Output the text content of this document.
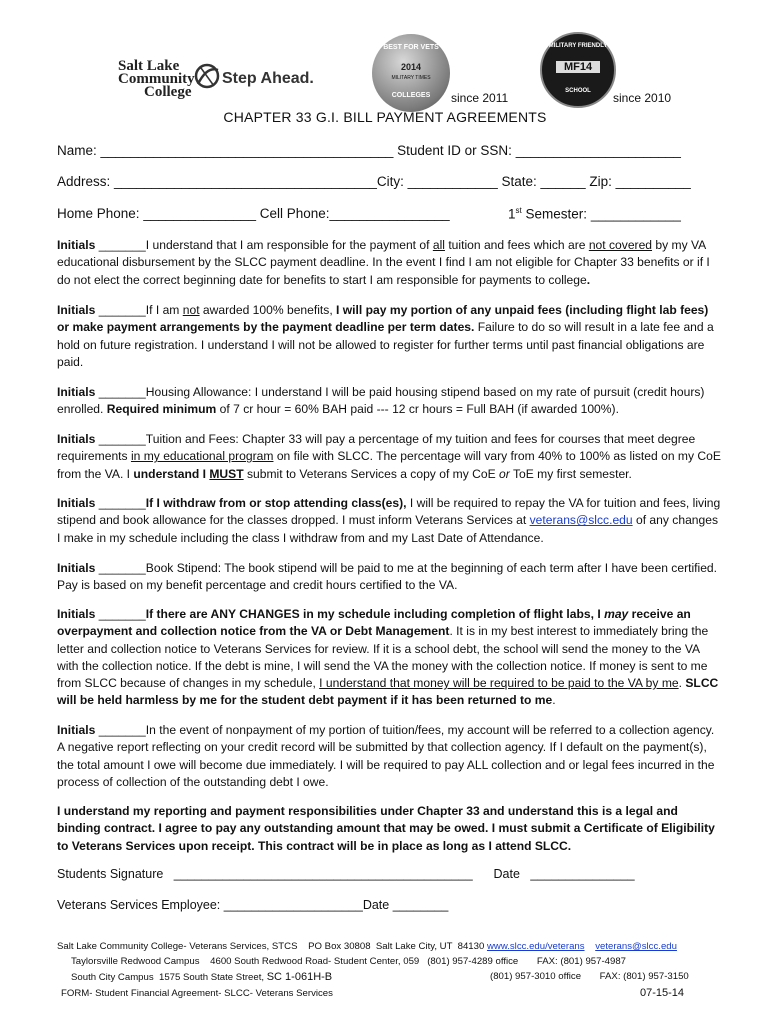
Salt Lake
Community
College
Step Ahead.
BEST FOR VETS
2014
MILITARY TIMES
COLLEGES	since 2011
MILITARY FRIENDLY
MF14
SCHOOL	since 2010
CHAPTER 33 G.I. BILL PAYMENT AGREEMENTS
Name: _______________________________________ Student ID or SSN: ______________________
Address: ___________________________________City: ____________ State: ______ Zip: __________
Home Phone: _______________ Cell Phone:________________	1st Semester: ____________

Initials _______I understand that I am responsible for the payment of all tuition and fees which are not covered by my VA educational disbursement by the SLCC payment deadline. In the event I find I am not eligible for Chapter 33 benefits or if I do not elect the correct beginning date for benefits to start I am responsible for payments to college.

Initials _______If I am not awarded 100% benefits, I will pay my portion of any unpaid fees (including flight lab fees) or make payment arrangements by the payment deadline per term dates. Failure to do so will result in a late fee and a hold on future registration. I understand I will not be allowed to register for further terms until past financial obligations are paid.

Initials _______Housing Allowance: I understand I will be paid housing stipend based on my rate of pursuit (credit hours) enrolled. Required minimum of 7 cr hour = 60% BAH paid --- 12 cr hours = Full BAH (if awarded 100%).

Initials _______Tuition and Fees: Chapter 33 will pay a percentage of my tuition and fees for courses that meet degree requirements in my educational program on file with SLCC. The percentage will vary from 40% to 100% as listed on my CoE from the VA. I understand I MUST submit to Veterans Services a copy of my CoE or ToE my first semester.

Initials _______If I withdraw from or stop attending class(es), I will be required to repay the VA for tuition and fees, living stipend and book allowance for the classes dropped. I must inform Veterans Services at veterans@slcc.edu of any changes I make in my schedule including the class I withdraw from and my Last Date of Attendance.

Initials _______Book Stipend: The book stipend will be paid to me at the beginning of each term after I have been certified. Pay is based on my benefit percentage and credit hours certified to the VA.

Initials _______If there are ANY CHANGES in my schedule including completion of flight labs, I may receive an overpayment and collection notice from the VA or Debt Management. It is in my best interest to immediately bring the letter and collection notice to Veterans Services for review. If it is a school debt, the school will send the money to the VA with the collection notice. If the debt is mine, I will send the VA the money with the collection notice. If money is sent to me from SLCC because of changes in my schedule, I understand that money will be required to be paid to the VA by me. SLCC will be held harmless by me for the student debt payment if it has been returned to me.

Initials _______In the event of nonpayment of my portion of tuition/fees, my account will be referred to a collection agency. A negative report reflecting on your credit record will be submitted by that collection agency. If I default on the payment(s), the total amount I owe will become due immediately. I will be required to pay ALL collection and or legal fees incurred in the process of collection of the outstanding debt I owe.

I understand my reporting and payment responsibilities under Chapter 33 and understand this is a legal and binding contract. I agree to pay any outstanding amount that may be owed. I must submit a Certificate of Eligibility to Veterans Services upon receipt. This contract will be in place as long as I attend SLCC.

Students Signature ___________________________________________ Date _______________
Veterans Services Employee: ____________________Date ________
Salt Lake Community College- Veterans Services, STCS    PO Box 30808  Salt Lake City, UT  84130 www.slcc.edu/veterans veterans@slcc.edu
Taylorsville Redwood Campus    4600 South Redwood Road- Student Center, 059   (801) 957-4289 office       FAX: (801) 957-4987
South City Campus  1575 South State Street, SC 1-061H-B	(801) 957-3010 office       FAX: (801) 957-3150
FORM- Student Financial Agreement- SLCC- Veterans Services	07-15-14
